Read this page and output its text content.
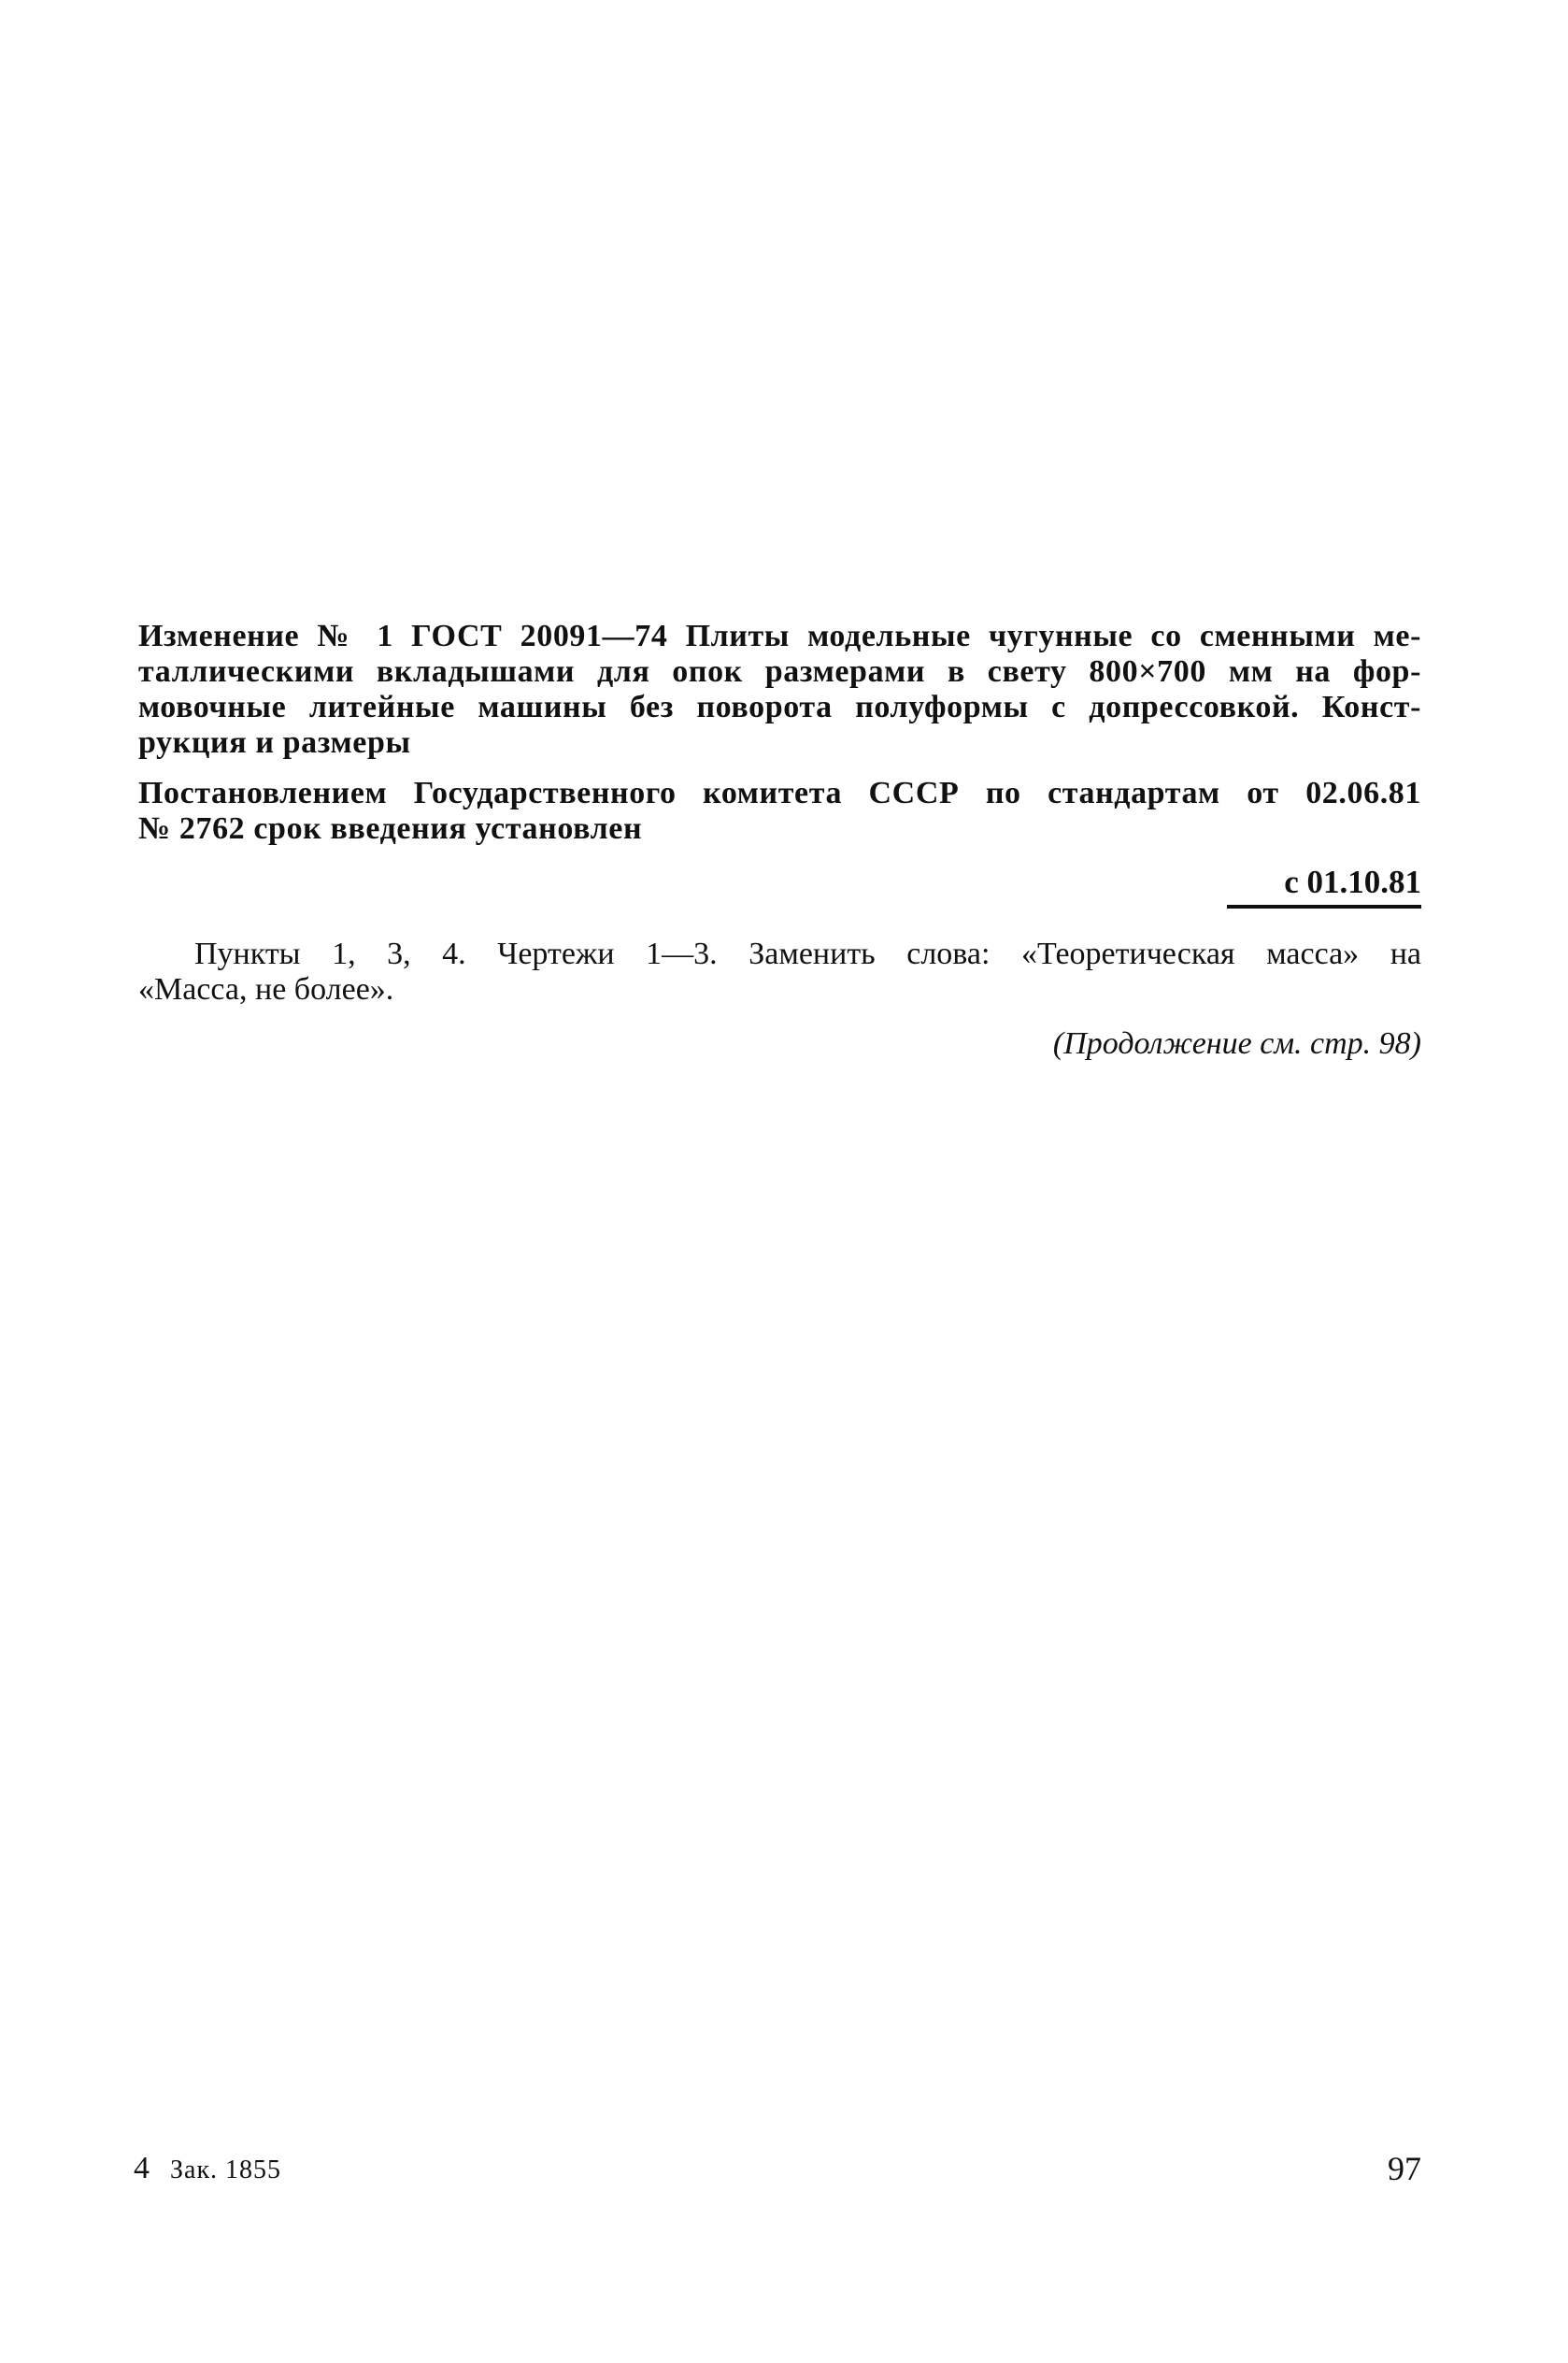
Изменение № 1 ГОСТ 20091—74 Плиты модельные чугунные со сменными ме-
таллическими вкладышами для опок размерами в свету 800×700 мм на фор-
мовочные литейные машины без поворота полуформы с допрессовкой. Конст-
рукция и размеры
Постановлением Государственного комитета СССР по стандартам от 02.06.81
№ 2762 срок введения установлен
с 01.10.81
Пункты 1, 3, 4. Чертежи 1—3. Заменить слова: «Теоретическая масса» на
«Масса, не более».
(Продолжение см. стр. 98)
4 Зак. 1855	97
